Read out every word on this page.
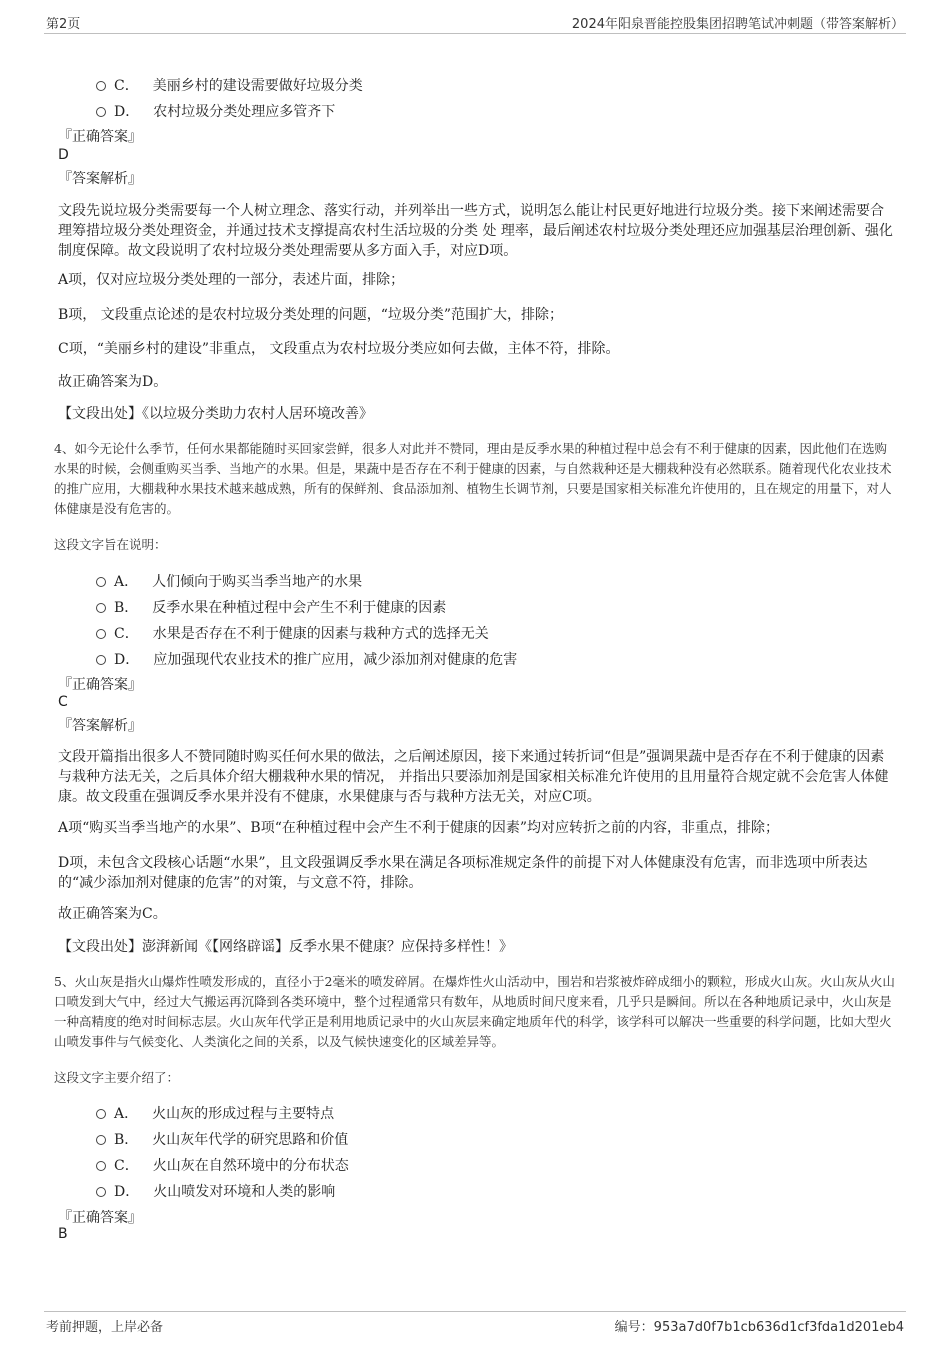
第2页	2024年阳泉晋能控股集团招聘笔试冲刺题（带答案解析）
C． 美丽乡村的建设需要做好垃圾分类
D． 农村垃圾分类处理应多管齐下
『正确答案』
D
『答案解析』
文段先说垃圾分类需要每一个人树立理念、落实行动，并列举出一些方式，说明怎么能让村民更好地进行垃圾分类。接下来阐述需要合理筹措垃圾分类处理资金，并通过技术支撑提高农村生活垃圾的分类 处 理率，最后阐述农村垃圾分类处理还应加强基层治理创新、强化制度保障。故文段说明了农村垃圾分类处理需要从多方面入手，对应D项。
A项，仅对应垃圾分类处理的一部分，表述片面，排除；
B项， 文段重点论述的是农村垃圾分类处理的问题，“垃圾分类”范围扩大，排除；
C项，“美丽乡村的建设”非重点， 文段重点为农村垃圾分类应如何去做，主体不符，排除。
故正确答案为D。
【文段出处】《以垃圾分类助力农村人居环境改善》
4、如今无论什么季节，任何水果都能随时买回家尝鲜，很多人对此并不赞同，理由是反季水果的种植过程中总会有不利于健康的因素，因此他们在选购水果的时候，会侧重购买当季、当地产的水果。但是，果蔬中是否存在不利于健康的因素，与自然栽种还是大棚栽种没有必然联系。随着现代化农业技术的推广应用，大棚栽种水果技术越来越成熟，所有的保鲜剂、食品添加剂、植物生长调节剂，只要是国家相关标准允许使用的，且在规定的用量下，对人体健康是没有危害的。
这段文字旨在说明：
A． 人们倾向于购买当季当地产的水果
B． 反季水果在种植过程中会产生不利于健康的因素
C． 水果是否存在不利于健康的因素与栽种方式的选择无关
D． 应加强现代农业技术的推广应用，减少添加剂对健康的危害
『正确答案』
C
『答案解析』
文段开篇指出很多人不赞同随时购买任何水果的做法，之后阐述原因，接下来通过转折词“但是”强调果蔬中是否存在不利于健康的因素与栽种方法无关，之后具体介绍大棚栽种水果的情况， 并指出只要添加剂是国家相关标准允许使用的且用量符合规定就不会危害人体健康。故文段重在强调反季水果并没有不健康，水果健康与否与栽种方法无关，对应C项。
A项“购买当季当地产的水果”、B项“在种植过程中会产生不利于健康的因素”均对应转折之前的内容，非重点，排除；
D项，未包含文段核心话题“水果”，且文段强调反季水果在满足各项标准规定条件的前提下对人体健康没有危害，而非选项中所表达的“减少添加剂对健康的危害”的对策，与文意不符，排除。
故正确答案为C。
【文段出处】澎湃新闻《【网络辟谣】反季水果不健康？应保持多样性！》
5、火山灰是指火山爆炸性喷发形成的，直径小于2毫米的喷发碎屑。在爆炸性火山活动中，围岩和岩浆被炸碎成细小的颗粒，形成火山灰。火山灰从火山口喷发到大气中，经过大气搬运再沉降到各类环境中，整个过程通常只有数年，从地质时间尺度来看，几乎只是瞬间。所以在各种地质记录中，火山灰是一种高精度的绝对时间标志层。火山灰年代学正是利用地质记录中的火山灰层来确定地质年代的科学，该学科可以解决一些重要的科学问题，比如大型火山喷发事件与气候变化、人类演化之间的关系，以及气候快速变化的区域差异等。
这段文字主要介绍了：
A． 火山灰的形成过程与主要特点
B． 火山灰年代学的研究思路和价值
C． 火山灰在自然环境中的分布状态
D． 火山喷发对环境和人类的影响
『正确答案』
B
考前押题，上岸必备	编号：953a7d0f7b1cb636d1cf3fda1d201eb4
